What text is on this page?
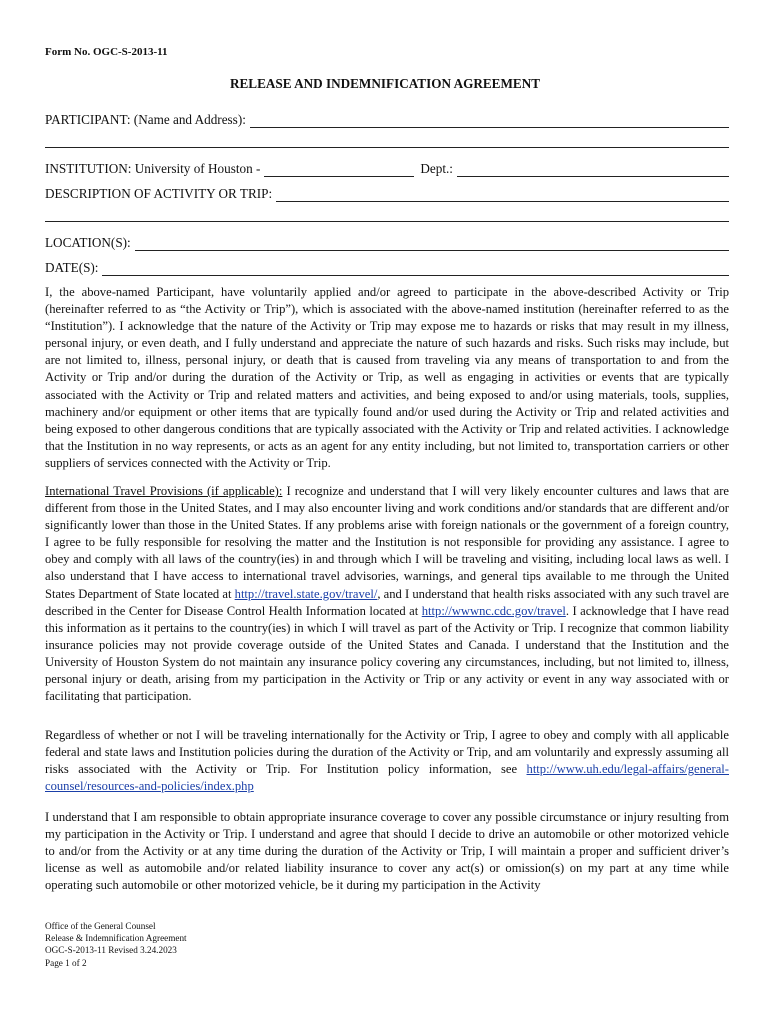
Form No. OGC-S-2013-11
RELEASE AND INDEMNIFICATION AGREEMENT
PARTICIPANT: (Name and Address):
INSTITUTION: University of Houston -	Dept.:
DESCRIPTION OF ACTIVITY OR TRIP:
LOCATION(S):
DATE(S):

I, the above-named Participant, have voluntarily applied and/or agreed to participate in the above-described Activity or Trip (hereinafter referred to as “the Activity or Trip”), which is associated with the above-named institution (hereinafter referred to as the “Institution”). I acknowledge that the nature of the Activity or Trip may expose me to hazards or risks that may result in my illness, personal injury, or even death, and I fully understand and appreciate the nature of such hazards and risks. Such risks may include, but are not limited to, illness, personal injury, or death that is caused from traveling via any means of transportation to and from the Activity or Trip and/or during the duration of the Activity or Trip, as well as engaging in activities or events that are typically associated with the Activity or Trip and related matters and activities, and being exposed to and/or using materials, tools, supplies, machinery and/or equipment or other items that are typically found and/or used during the Activity or Trip and related activities and being exposed to other dangerous conditions that are typically associated with the Activity or Trip and related activities. I acknowledge that the Institution in no way represents, or acts as an agent for any entity including, but not limited to, transportation carriers or other suppliers of services connected with the Activity or Trip.

International Travel Provisions (if applicable): I recognize and understand that I will very likely encounter cultures and laws that are different from those in the United States, and I may also encounter living and work conditions and/or standards that are different and/or significantly lower than those in the United States. If any problems arise with foreign nationals or the government of a foreign country, I agree to be fully responsible for resolving the matter and the Institution is not responsible for providing any assistance. I agree to obey and comply with all laws of the country(ies) in and through which I will be traveling and visiting, including local laws as well. I also understand that I have access to international travel advisories, warnings, and general tips available to me through the United States Department of State located at http://travel.state.gov/travel/, and I understand that health risks associated with any such travel are described in the Center for Disease Control Health Information located at http://wwwnc.cdc.gov/travel. I acknowledge that I have read this information as it pertains to the country(ies) in which I will travel as part of the Activity or Trip. I recognize that common liability insurance policies may not provide coverage outside of the United States and Canada. I understand that the Institution and the University of Houston System do not maintain any insurance policy covering any circumstances, including, but not limited to, illness, personal injury or death, arising from my participation in the Activity or Trip or any activity or event in any way associated with or facilitating that participation.

Regardless of whether or not I will be traveling internationally for the Activity or Trip, I agree to obey and comply with all applicable federal and state laws and Institution policies during the duration of the Activity or Trip, and am voluntarily and expressly assuming all risks associated with the Activity or Trip. For Institution policy information, see http://www.uh.edu/legal-affairs/general-counsel/resources-and-policies/index.php

I understand that I am responsible to obtain appropriate insurance coverage to cover any possible circumstance or injury resulting from my participation in the Activity or Trip. I understand and agree that should I decide to drive an automobile or other motorized vehicle to and/or from the Activity or at any time during the duration of the Activity or Trip, I will maintain a proper and sufficient driver’s license as well as automobile and/or related liability insurance to cover any act(s) or omission(s) on my part at any time while operating such automobile or other motorized vehicle, be it during my participation in the Activity

Office of the General Counsel
Release & Indemnification Agreement
OGC-S-2013-11 Revised 3.24.2023
Page 1 of 2
